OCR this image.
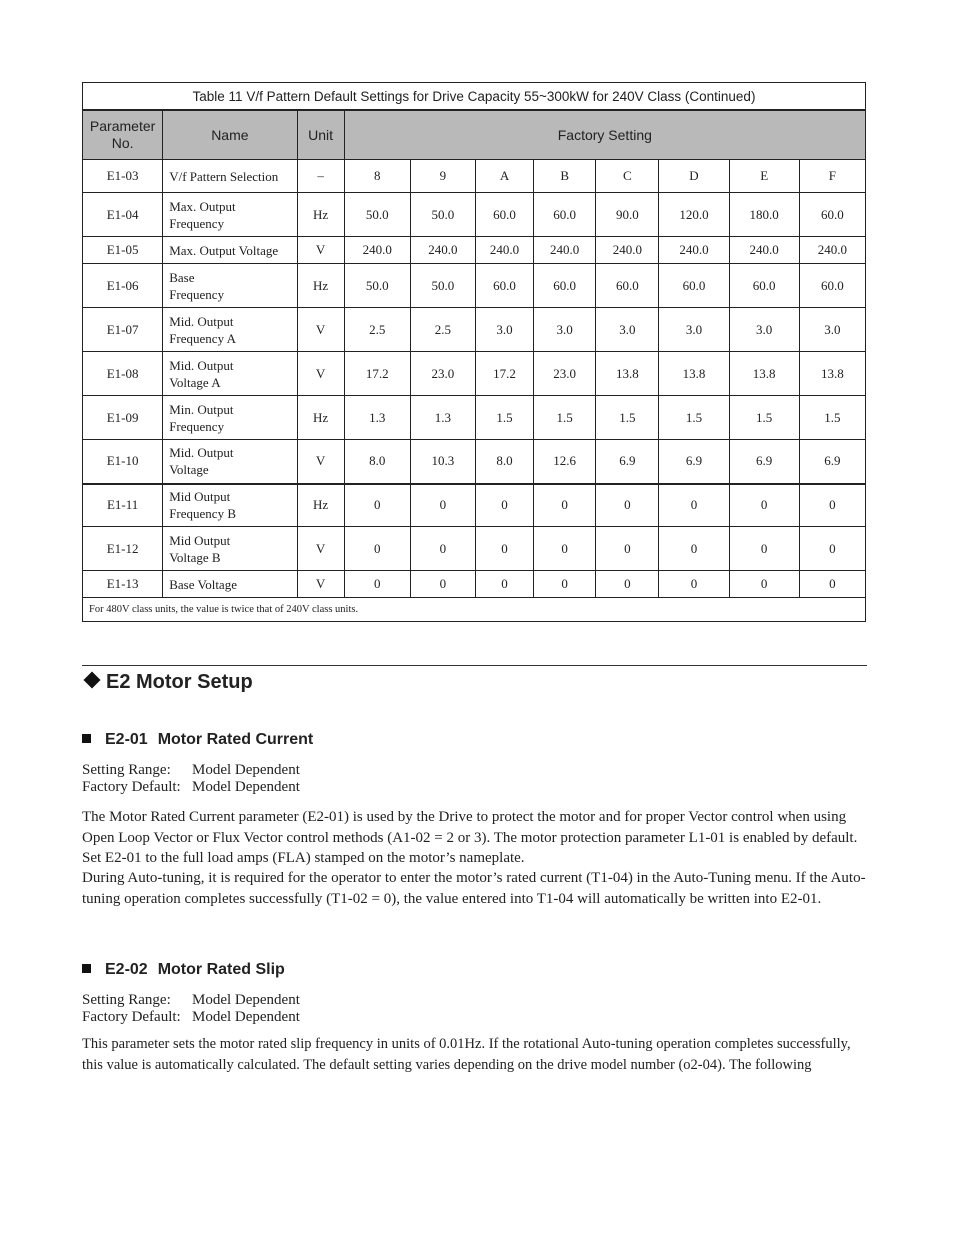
Table 11 V/f Pattern Default Settings for Drive Capacity 55~300kW for 240V Class (Continued)										
Parameter
No.	Name	Unit	Factory Setting							
E1-03	V/f Pattern Selection	–	8	9	A	B	C	D	E	F
E1-04	Max. Output
Frequency	Hz	50.0	50.0	60.0	60.0	90.0	120.0	180.0	60.0
E1-05	Max. Output Voltage	V	240.0	240.0	240.0	240.0	240.0	240.0	240.0	240.0
E1-06	Base
Frequency	Hz	50.0	50.0	60.0	60.0	60.0	60.0	60.0	60.0
E1-07	Mid. Output
Frequency A	V	2.5	2.5	3.0	3.0	3.0	3.0	3.0	3.0
E1-08	Mid. Output
Voltage A	V	17.2	23.0	17.2	23.0	13.8	13.8	13.8	13.8
E1-09	Min. Output
Frequency	Hz	1.3	1.3	1.5	1.5	1.5	1.5	1.5	1.5
E1-10	Mid. Output
Voltage	V	8.0	10.3	8.0	12.6	6.9	6.9	6.9	6.9
E1-11	Mid Output
Frequency B	Hz	0	0	0	0	0	0	0	0
E1-12	Mid Output
Voltage B	V	0	0	0	0	0	0	0	0
E1-13	Base Voltage	V	0	0	0	0	0	0	0	0
For 480V class units, the value is twice that of 240V class units.										
E2 Motor Setup
E2-01 Motor Rated Current
Setting Range: Model Dependent
Factory Default: Model Dependent

The Motor Rated Current parameter (E2-01) is used by the Drive to protect the motor and for proper Vector control when using Open Loop Vector or Flux Vector control methods (A1-02 = 2 or 3). The motor protection parameter L1-01 is enabled by default. Set E2-01 to the full load amps (FLA) stamped on the motor’s nameplate.

During Auto-tuning, it is required for the operator to enter the motor’s rated current (T1-04) in the Auto-Tuning menu. If the Auto-tuning operation completes successfully (T1-02 = 0), the value entered into T1-04 will automatically be written into E2-01.

E2-02 Motor Rated Slip
Setting Range: Model Dependent
Factory Default: Model Dependent

This parameter sets the motor rated slip frequency in units of 0.01Hz. If the rotational Auto-tuning operation completes successfully, this value is automatically calculated. The default setting varies depending on the drive model number (o2-04). The following
